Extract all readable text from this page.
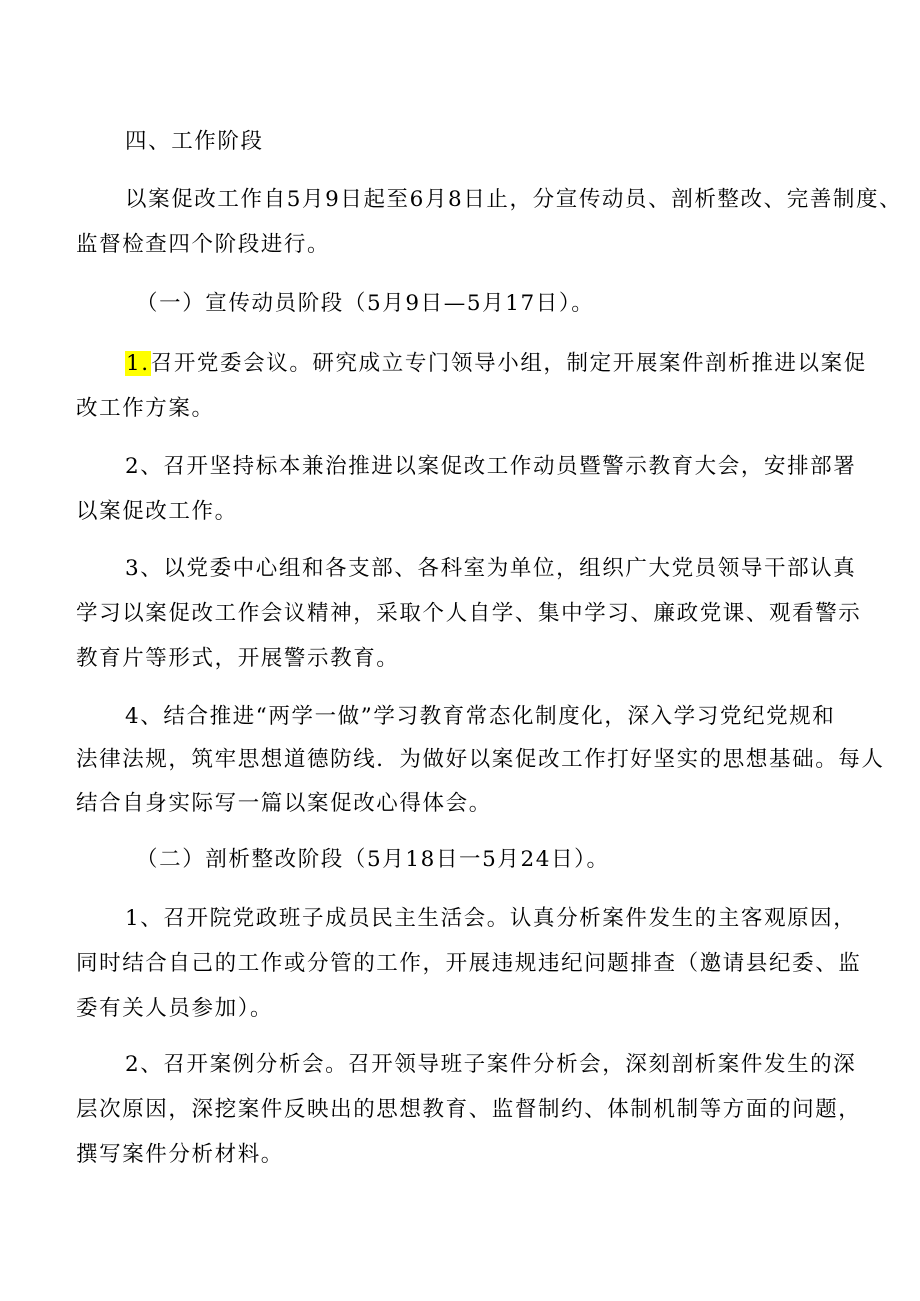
四、工作阶段
以案促改工作自5月9日起至6月8日止，分宣传动员、剖析整改、完善制度、
监督检查四个阶段进行。
（一）宣传动员阶段（5月9日—5月17日）。
1.召开党委会议。研究成立专门领导小组，制定开展案件剖析推进以案促
改工作方案。
2、召开坚持标本兼治推进以案促改工作动员暨警示教育大会，安排部署
以案促改工作。
3、以党委中心组和各支部、各科室为单位，组织广大党员领导干部认真
学习以案促改工作会议精神，采取个人自学、集中学习、廉政党课、观看警示
教育片等形式，开展警示教育。
4、结合推进“两学一做”学习教育常态化制度化，深入学习党纪党规和
法律法规，筑牢思想道德防线．为做好以案促改工作打好坚实的思想基础。每人
结合自身实际写一篇以案促改心得体会。
（二）剖析整改阶段（5月18日一5月24日）。
1、召开院党政班子成员民主生活会。认真分析案件发生的主客观原因，
同时结合自己的工作或分管的工作，开展违规违纪问题排查（邀请县纪委、监
委有关人员参加）。
2、召开案例分析会。召开领导班子案件分析会，深刻剖析案件发生的深
层次原因，深挖案件反映出的思想教育、监督制约、体制机制等方面的问题，
撰写案件分析材料。
